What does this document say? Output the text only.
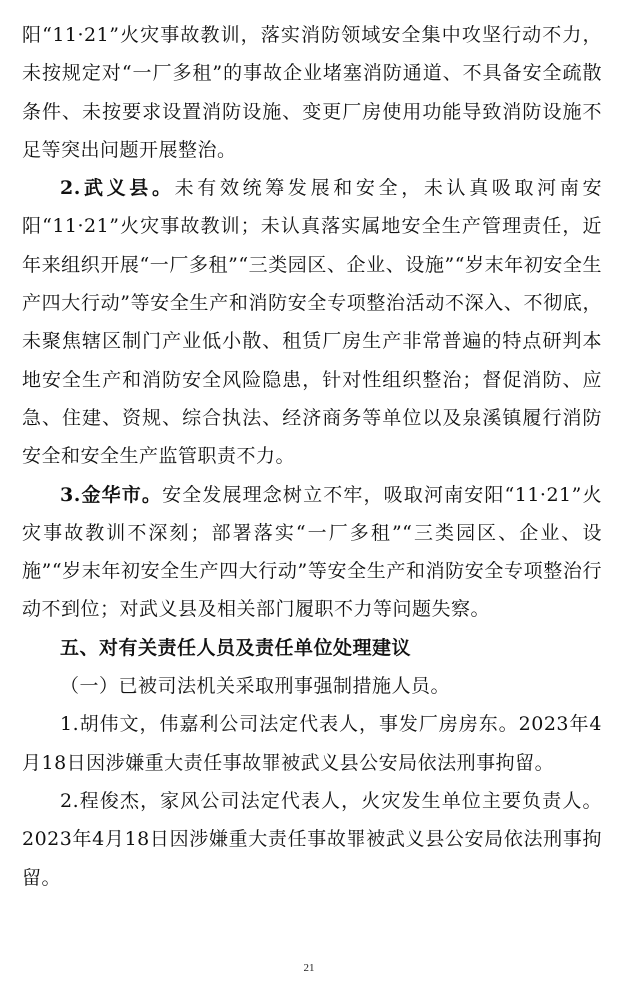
阳“11·21”火灾事故教训，落实消防领域安全集中攻坚行动不力，未按规定对“一厂多租”的事故企业堵塞消防通道、不具备安全疏散条件、未按要求设置消防设施、变更厂房使用功能导致消防设施不足等突出问题开展整治。

2.武义县。未有效统筹发展和安全，未认真吸取河南安阳“11·21”火灾事故教训；未认真落实属地安全生产管理责任，近年来组织开展“一厂多租”“三类园区、企业、设施”“岁末年初安全生产四大行动”等安全生产和消防安全专项整治活动不深入、不彻底，未聚焦辖区制门产业低小散、租赁厂房生产非常普遍的特点研判本地安全生产和消防安全风险隐患，针对性组织整治；督促消防、应急、住建、资规、综合执法、经济商务等单位以及泉溪镇履行消防安全和安全生产监管职责不力。

3.金华市。安全发展理念树立不牢，吸取河南安阳“11·21”火灾事故教训不深刻；部署落实“一厂多租”“三类园区、企业、设施”“岁末年初安全生产四大行动”等安全生产和消防安全专项整治行动不到位；对武义县及相关部门履职不力等问题失察。

五、对有关责任人员及责任单位处理建议

（一）已被司法机关采取刑事强制措施人员。

1.胡伟文，伟嘉利公司法定代表人，事发厂房房东。2023年4月18日因涉嫌重大责任事故罪被武义县公安局依法刑事拘留。

2.程俊杰，家风公司法定代表人，火灾发生单位主要负责人。2023年4月18日因涉嫌重大责任事故罪被武义县公安局依法刑事拘留。

21
